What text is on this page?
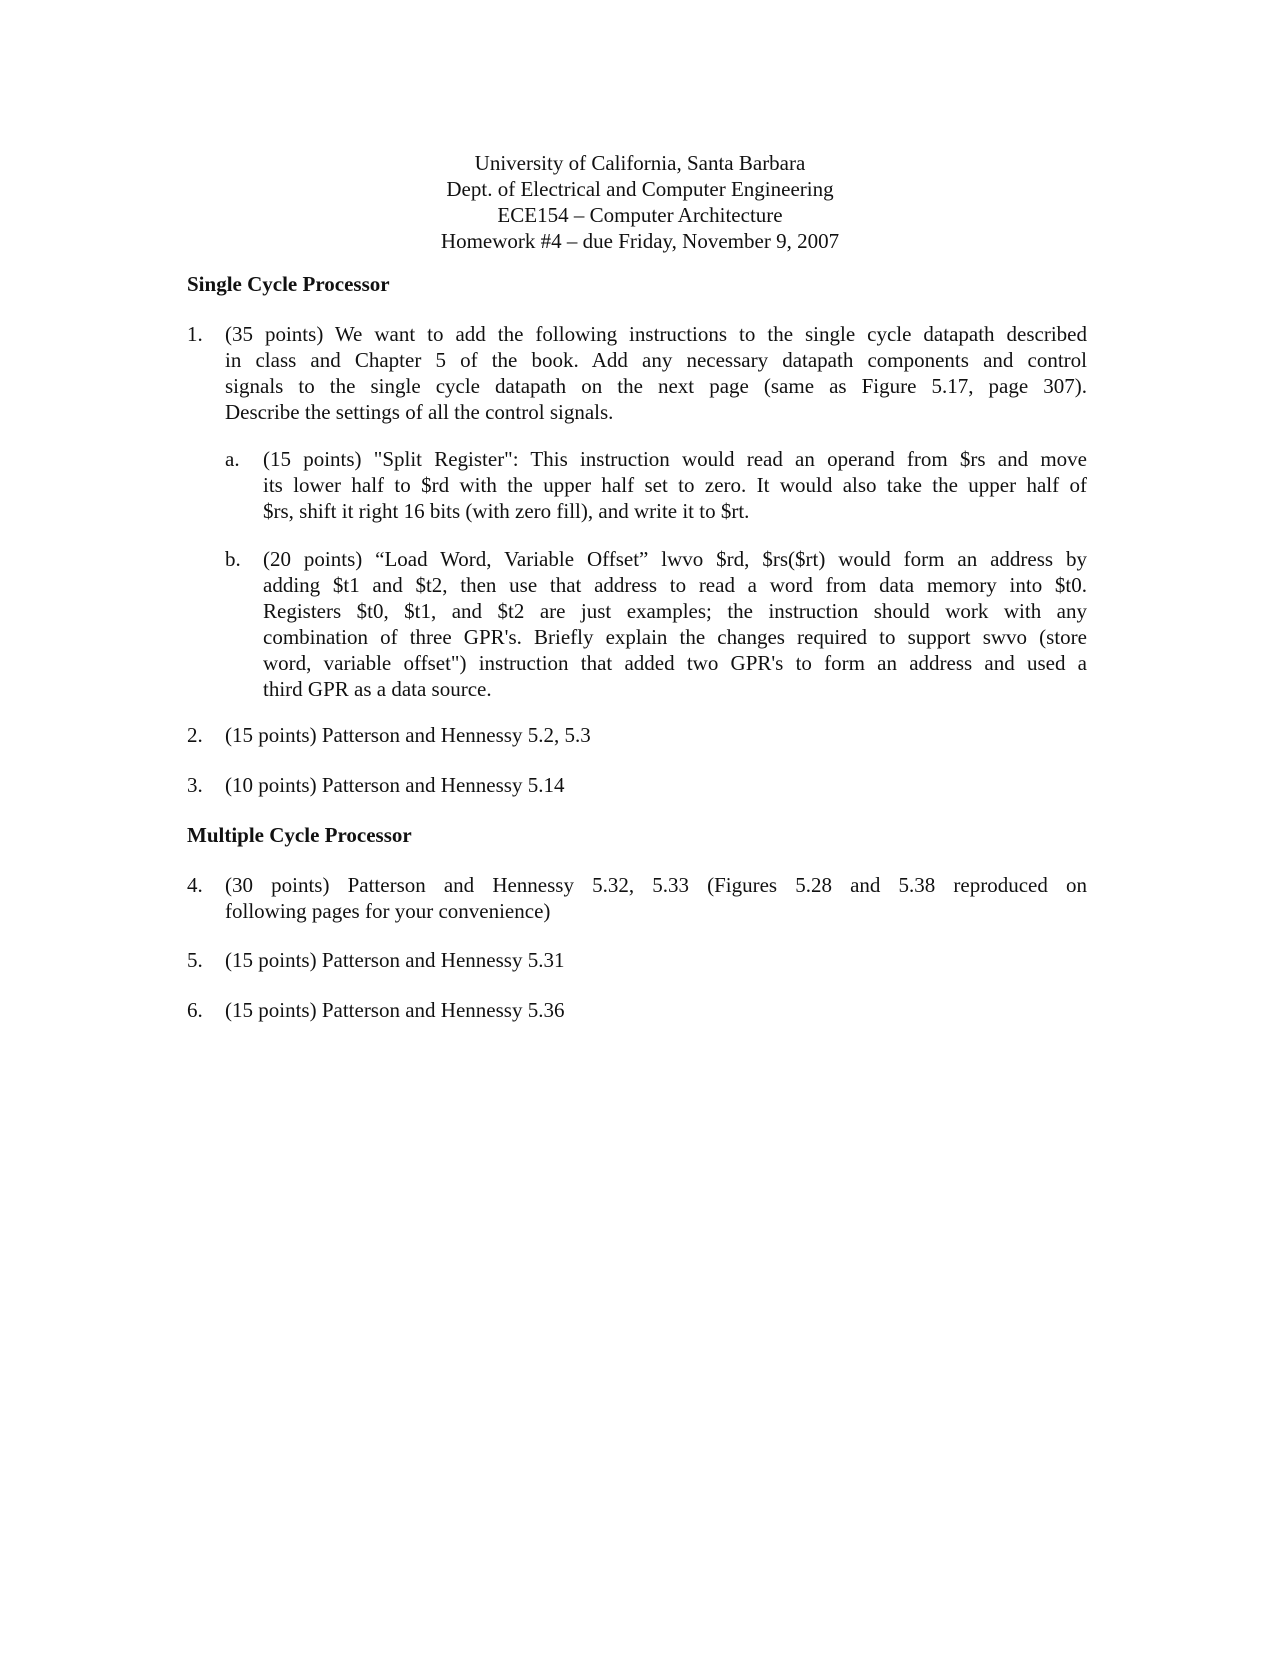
University of California, Santa Barbara
Dept. of Electrical and Computer Engineering
ECE154 – Computer Architecture
Homework #4 – due Friday, November 9, 2007
Single Cycle Processor
1.	(35 points) We want to add the following instructions to the single cycle datapath described
in class and Chapter 5 of the book. Add any necessary datapath components and control
signals to the single cycle datapath on the next page (same as Figure 5.17, page 307).
Describe the settings of all the control signals.
a.	(15 points) "Split Register": This instruction would read an operand from $rs and move
its lower half to $rd with the upper half set to zero. It would also take the upper half of
$rs, shift it right 16 bits (with zero fill), and write it to $rt.
b.	(20 points) “Load Word, Variable Offset” lwvo $rd, $rs($rt) would form an address by
adding $t1 and $t2, then use that address to read a word from data memory into $t0.
Registers $t0, $t1, and $t2 are just examples; the instruction should work with any
combination of three GPR's. Briefly explain the changes required to support swvo (store
word, variable offset") instruction that added two GPR's to form an address and used a
third GPR as a data source.
2.	(15 points) Patterson and Hennessy 5.2, 5.3
3.	(10 points) Patterson and Hennessy 5.14
Multiple Cycle Processor
4.	(30 points) Patterson and Hennessy 5.32, 5.33 (Figures 5.28 and 5.38 reproduced on
following pages for your convenience)
5.	(15 points) Patterson and Hennessy 5.31
6.	(15 points) Patterson and Hennessy 5.36
